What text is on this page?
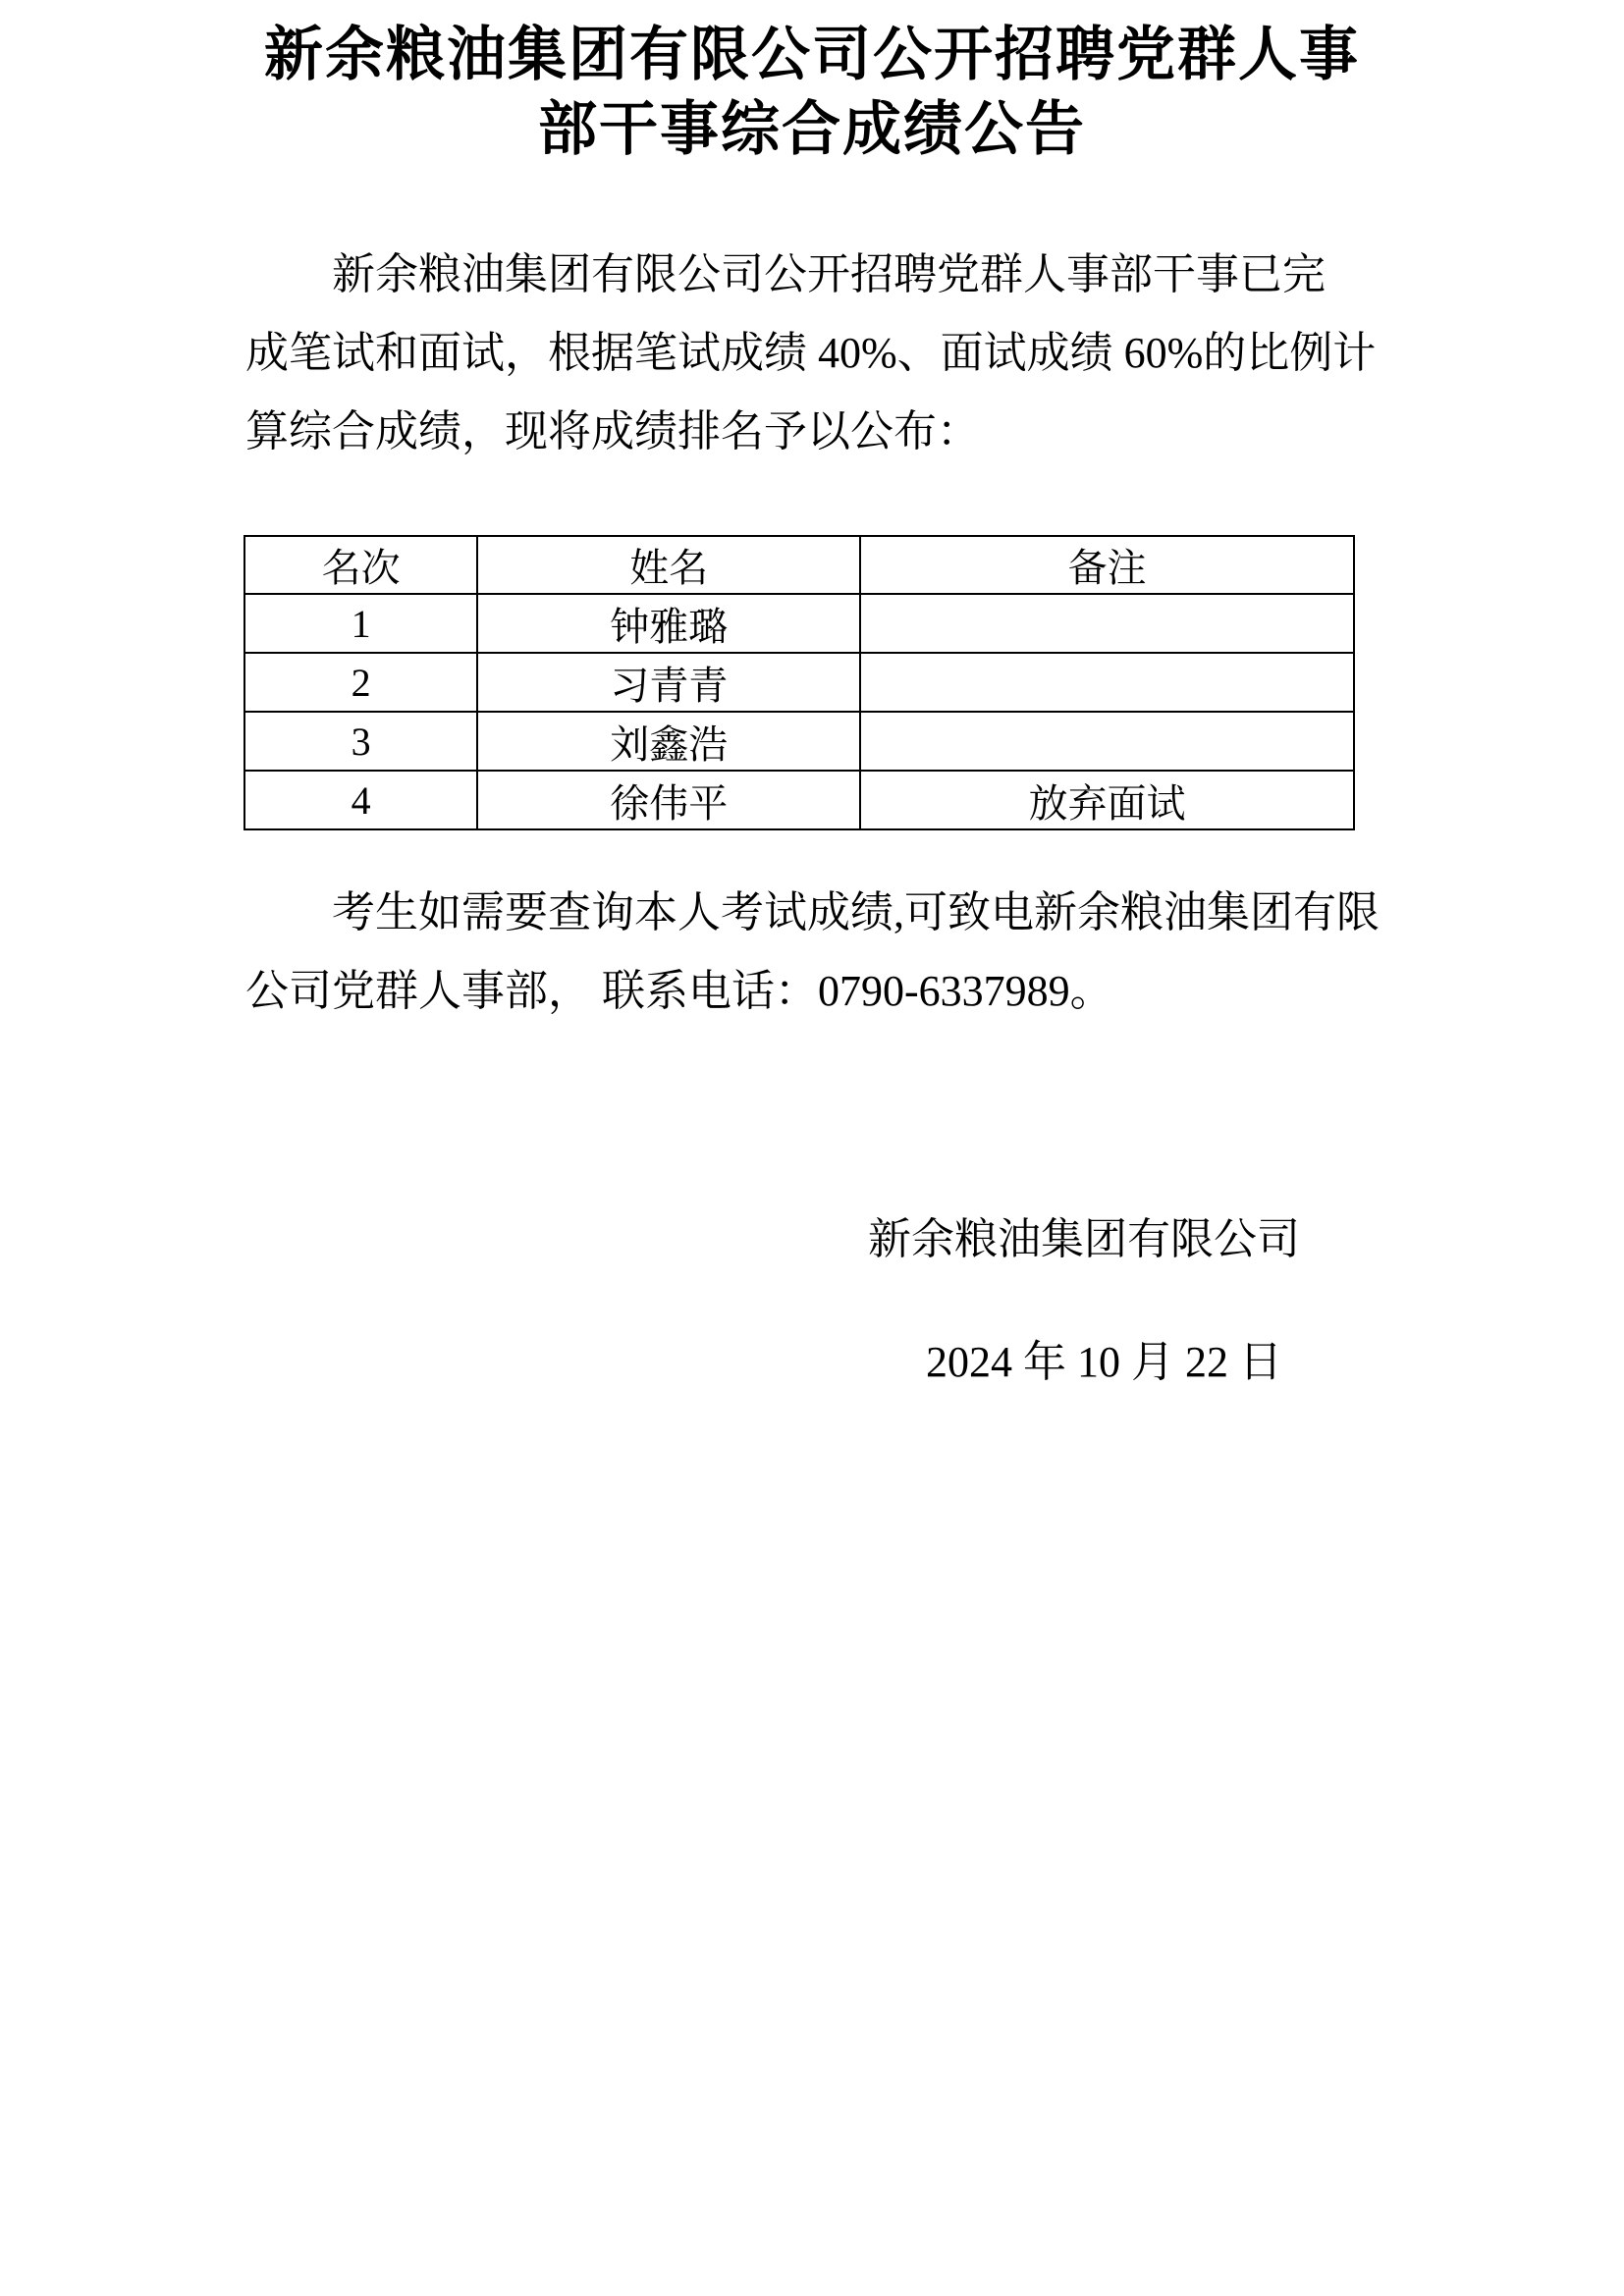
新余粮油集团有限公司公开招聘党群人事
部干事综合成绩公告
新余粮油集团有限公司公开招聘党群人事部干事已完
成笔试和面试，根据笔试成绩 40%、面试成绩 60%的比例计
算综合成绩，现将成绩排名予以公布：
名次	姓名	备注
1	钟雅璐	
2	习青青	
3	刘鑫浩	
4	徐伟平	放弃面试
考生如需要查询本人考试成绩,可致电新余粮油集团有限
公司党群人事部， 联系电话：0790-6337989。
新余粮油集团有限公司
2024 年 10 月 22 日
